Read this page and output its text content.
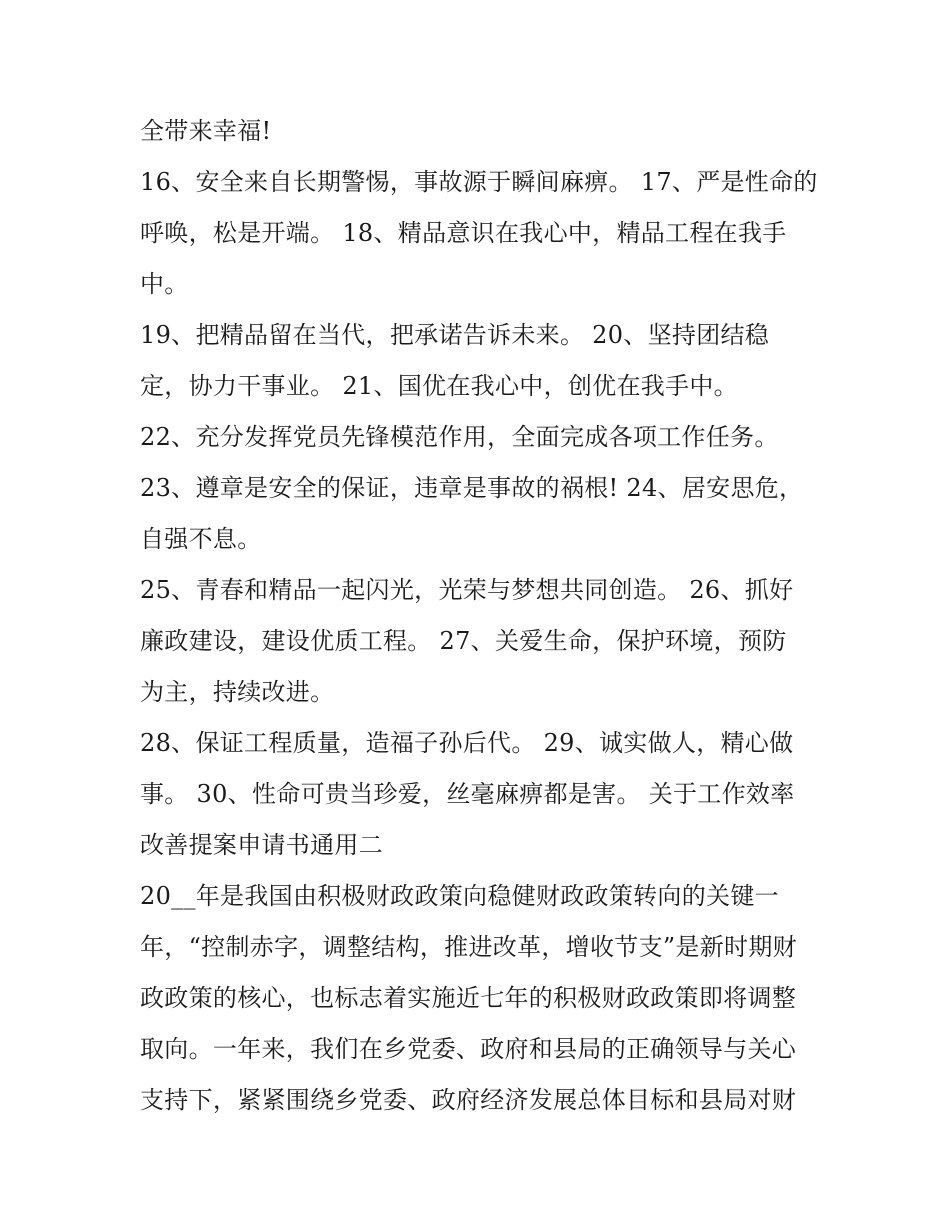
全带来幸福!
16、安全来自长期警惕，事故源于瞬间麻痹。 17、严是性命的
呼唤，松是开端。 18、精品意识在我心中，精品工程在我手
中。
19、把精品留在当代，把承诺告诉未来。 20、坚持团结稳
定，协力干事业。 21、国优在我心中，创优在我手中。
22、充分发挥党员先锋模范作用，全面完成各项工作任务。
23、遵章是安全的保证，违章是事故的祸根! 24、居安思危，
自强不息。
25、青春和精品一起闪光，光荣与梦想共同创造。 26、抓好
廉政建设，建设优质工程。 27、关爱生命，保护环境，预防
为主，持续改进。
28、保证工程质量，造福子孙后代。 29、诚实做人，精心做
事。 30、性命可贵当珍爱，丝毫麻痹都是害。 关于工作效率
改善提案申请书通用二
20__年是我国由积极财政政策向稳健财政政策转向的关键一
年，“控制赤字，调整结构，推进改革，增收节支”是新时期财
政政策的核心，也标志着实施近七年的积极财政政策即将调整
取向。一年来，我们在乡党委、政府和县局的正确领导与关心
支持下，紧紧围绕乡党委、政府经济发展总体目标和县局对财
